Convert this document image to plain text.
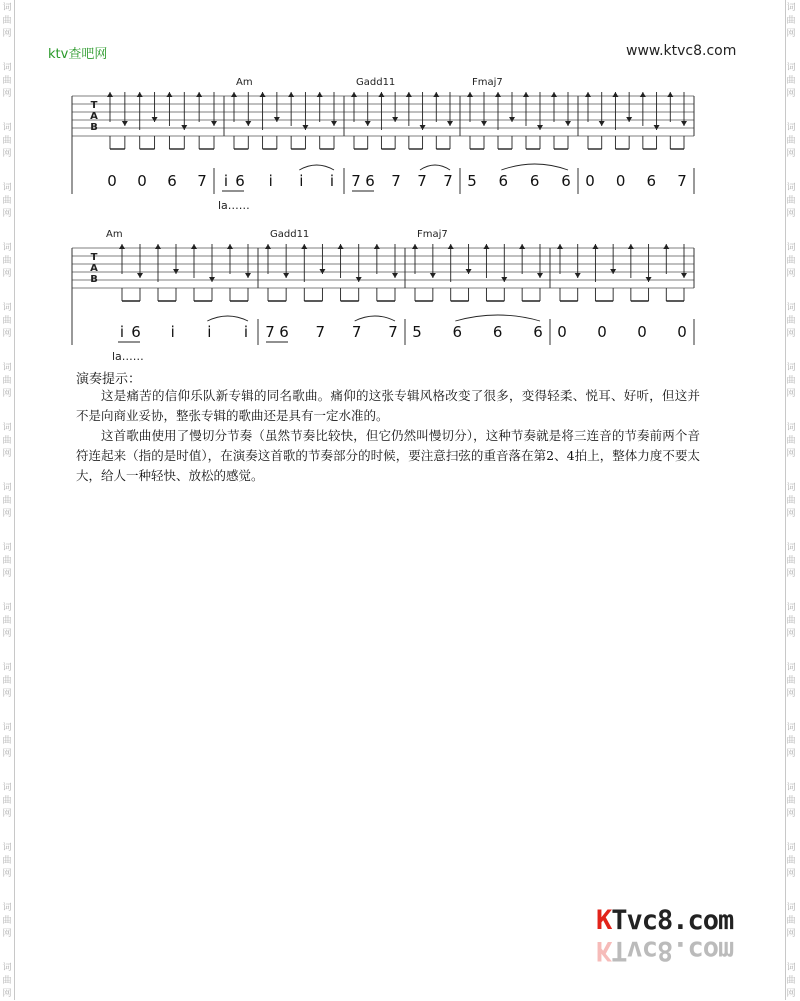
词
曲
网
词
曲
网
词
曲
网
词
曲
网
词
曲
网
词
曲
网
词
曲
网
词
曲
网
词
曲
网
词
曲
网
词
曲
网
词
曲
网
词
曲
网
词
曲
网
词
曲
网
词
曲
网
词
曲
网
词
曲
网
词
曲
网
词
曲
网
词
曲
网
词
曲
网
词
曲
网
词
曲
网
词
曲
网
词
曲
网
词
曲
网
词
曲
网
词
曲
网
词
曲
网
词
曲
网
词
曲
网
词
曲
网
词
曲
网
ktv查吧网	www.ktvc8.com
T
A
B
Am	Gadd11	Fmaj7
0 0 6 7 i 6 i i i 7 6 7 7 7 5 6 6 6 0 0 6 7
la……
T
A
B
Am	Gadd11	Fmaj7
i 6 i i i 7 6 7 7 7 5 6 6 6 0 0 0 0
la……
演奏提示：

这是痛苦的信仰乐队新专辑的同名歌曲。痛仰的这张专辑风格改变了很多，变得轻柔、悦耳、好听，但这并不是向商业妥协，整张专辑的歌曲还是具有一定水准的。

这首歌曲使用了慢切分节奏（虽然节奏比较快，但它仍然叫慢切分），这种节奏就是将三连音的节奏前两个音符连起来（指的是时值），在演奏这首歌的节奏部分的时候，要注意扫弦的重音落在第2、4拍上，整体力度不要太大，给人一种轻快、放松的感觉。

KTvc8.com
KTvc8.com
